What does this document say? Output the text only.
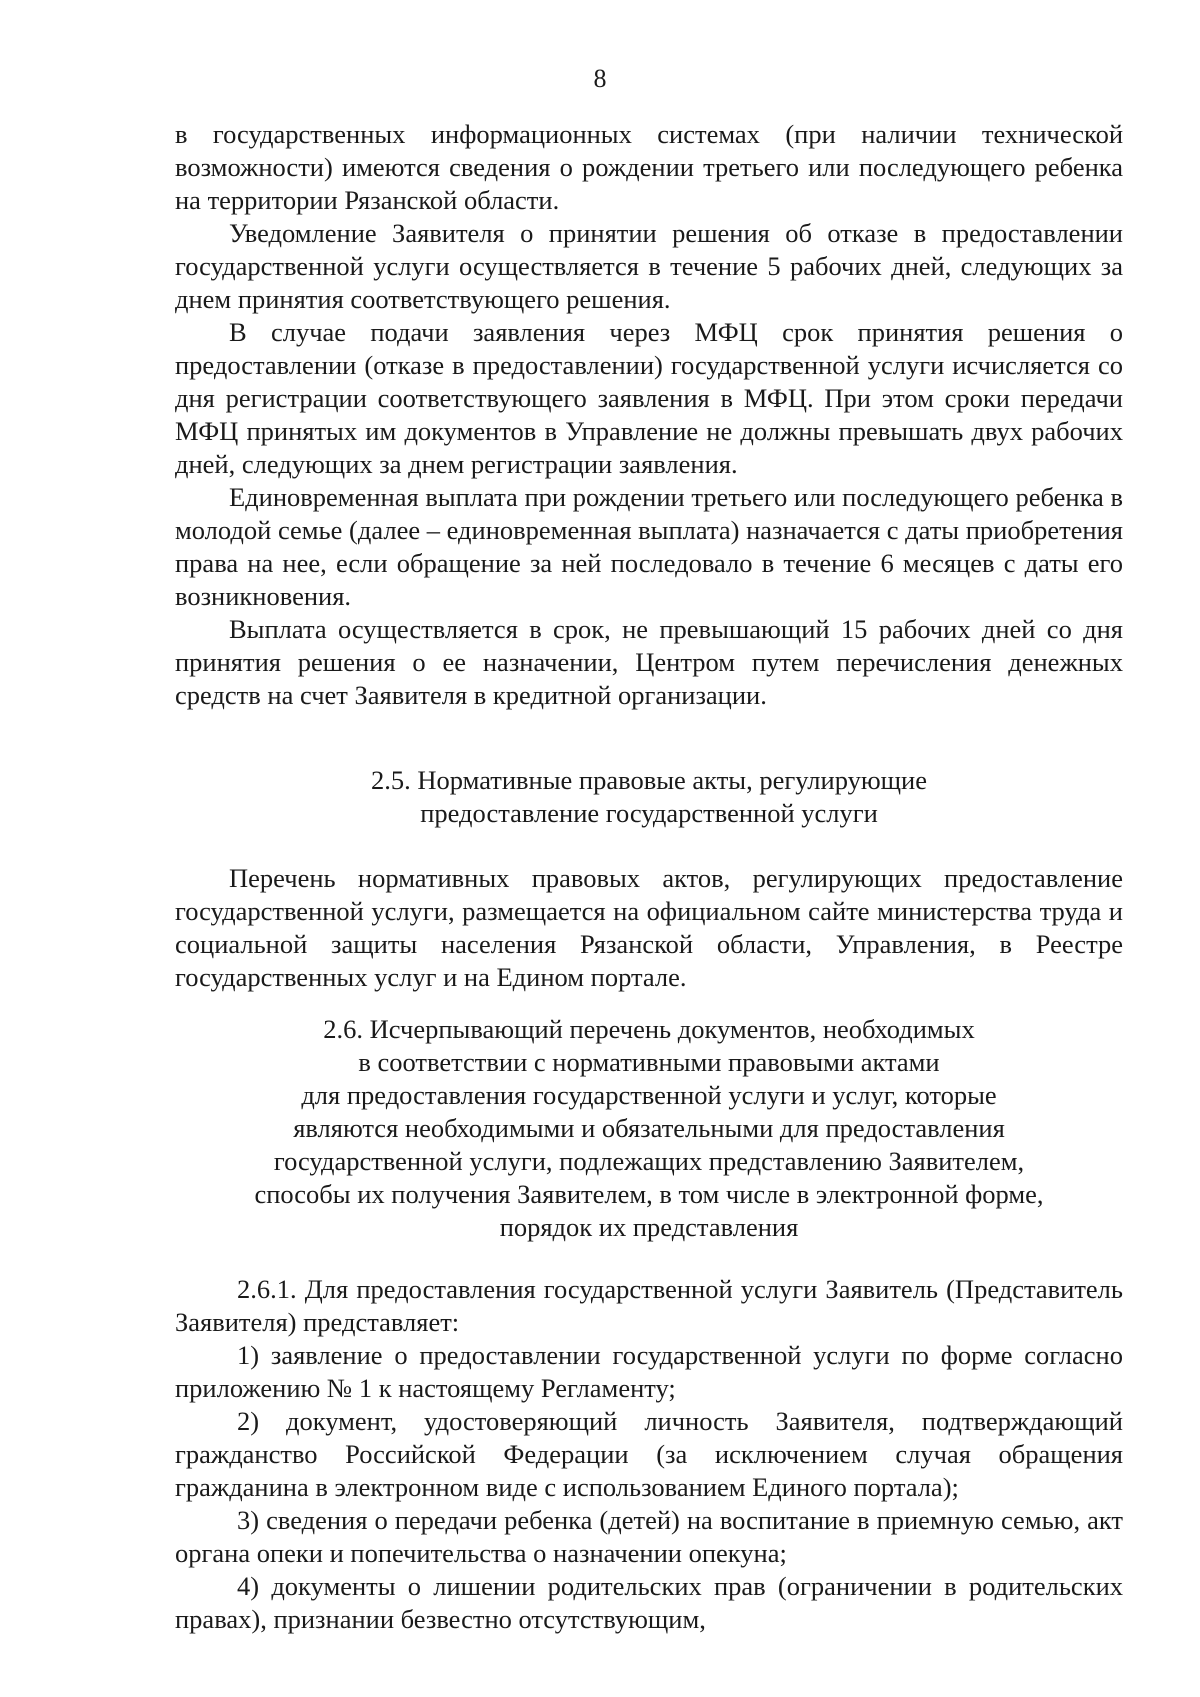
8

в государственных информационных системах (при наличии технической возможности) имеются сведения о рождении третьего или последующего ребенка на территории Рязанской области.

Уведомление Заявителя о принятии решения об отказе в предоставлении государственной услуги осуществляется в течение 5 рабочих дней, следующих за днем принятия соответствующего решения.

В случае подачи заявления через МФЦ срок принятия решения о предоставлении (отказе в предоставлении) государственной услуги исчисляется со дня регистрации соответствующего заявления в МФЦ. При этом сроки передачи МФЦ принятых им документов в Управление не должны превышать двух рабочих дней, следующих за днем регистрации заявления.

Единовременная выплата при рождении третьего или последующего ребенка в молодой семье (далее – единовременная выплата) назначается с даты приобретения права на нее, если обращение за ней последовало в течение 6 месяцев с даты его возникновения.

Выплата осуществляется в срок, не превышающий 15 рабочих дней со дня принятия решения о ее назначении, Центром путем перечисления денежных средств на счет Заявителя в кредитной организации.

2.5. Нормативные правовые акты, регулирующие
предоставление государственной услуги

Перечень нормативных правовых актов, регулирующих предоставление государственной услуги, размещается на официальном сайте министерства труда и социальной защиты населения Рязанской области, Управления, в Реестре государственных услуг и на Едином портале.

2.6. Исчерпывающий перечень документов, необходимых
в соответствии с нормативными правовыми актами
для предоставления государственной услуги и услуг, которые
являются необходимыми и обязательными для предоставления
государственной услуги, подлежащих представлению Заявителем,
способы их получения Заявителем, в том числе в электронной форме,
порядок их представления

2.6.1. Для предоставления государственной услуги Заявитель (Представитель Заявителя) представляет:

1) заявление о предоставлении государственной услуги по форме согласно приложению № 1 к настоящему Регламенту;

2) документ, удостоверяющий личность Заявителя, подтверждающий гражданство Российской Федерации (за исключением случая обращения гражданина в электронном виде с использованием Единого портала);

3) сведения о передачи ребенка (детей) на воспитание в приемную семью, акт органа опеки и попечительства о назначении опекуна;

4) документы о лишении родительских прав (ограничении в родительских правах), признании безвестно отсутствующим,
